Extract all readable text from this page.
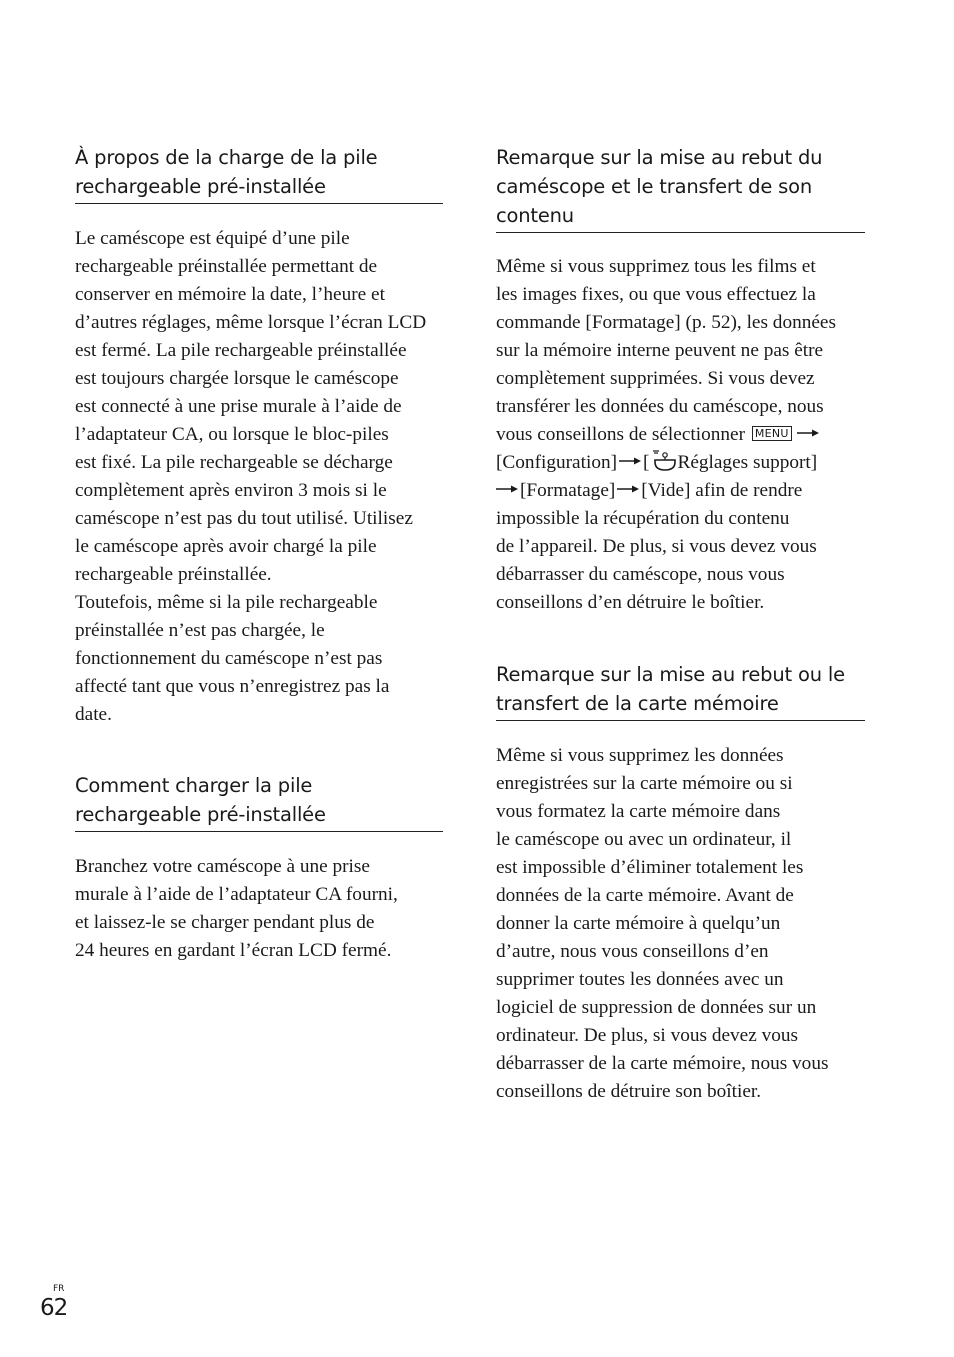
À propos de la charge de la pile
rechargeable pré-installée
Le caméscope est équipé d’une pile
rechargeable préinstallée permettant de
conserver en mémoire la date, l’heure et
d’autres réglages, même lorsque l’écran LCD
est fermé. La pile rechargeable préinstallée
est toujours chargée lorsque le caméscope
est connecté à une prise murale à l’aide de
l’adaptateur CA, ou lorsque le bloc-piles
est fixé. La pile rechargeable se décharge
complètement après environ 3 mois si le
caméscope n’est pas du tout utilisé. Utilisez
le caméscope après avoir chargé la pile
rechargeable préinstallée.
Toutefois, même si la pile rechargeable
préinstallée n’est pas chargée, le
fonctionnement du caméscope n’est pas
affecté tant que vous n’enregistrez pas la
date.
Comment charger la pile
rechargeable pré-installée
Branchez votre caméscope à une prise
murale à l’aide de l’adaptateur CA fourni,
et laissez-le se charger pendant plus de
24 heures en gardant l’écran LCD fermé.
Remarque sur la mise au rebut du
caméscope et le transfert de son
contenu
Même si vous supprimez tous les films et
les images fixes, ou que vous effectuez la
commande [Formatage] (p. 52), les données
sur la mémoire interne peuvent ne pas être
complètement supprimées. Si vous devez
transférer les données du caméscope, nous
vous conseillons de sélectionner MENU
[Configuration] [ Réglages support]
[Formatage] [Vide] afin de rendre
impossible la récupération du contenu
de l’appareil. De plus, si vous devez vous
débarrasser du caméscope, nous vous
conseillons d’en détruire le boîtier.
Remarque sur la mise au rebut ou le
transfert de la carte mémoire
Même si vous supprimez les données
enregistrées sur la carte mémoire ou si
vous formatez la carte mémoire dans
le caméscope ou avec un ordinateur, il
est impossible d’éliminer totalement les
données de la carte mémoire. Avant de
donner la carte mémoire à quelqu’un
d’autre, nous vous conseillons d’en
supprimer toutes les données avec un
logiciel de suppression de données sur un
ordinateur. De plus, si vous devez vous
débarrasser de la carte mémoire, nous vous
conseillons de détruire son boîtier.
FR
62
